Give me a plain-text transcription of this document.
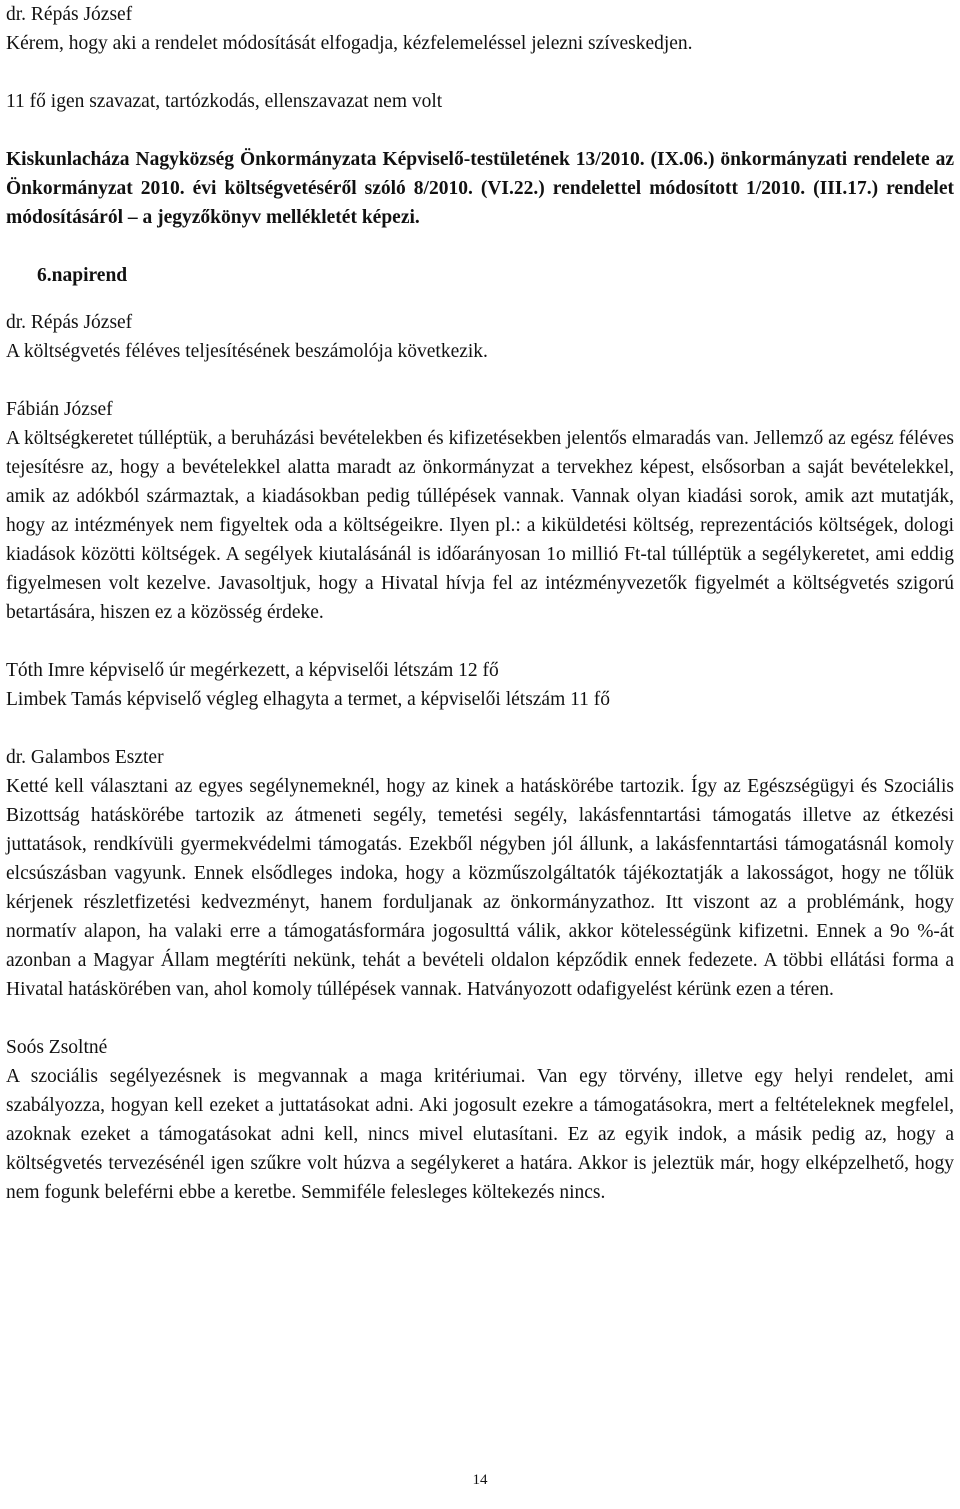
dr. Répás József

Kérem, hogy aki a rendelet módosítását elfogadja, kézfelemeléssel jelezni szíveskedjen.

11 fő igen szavazat, tartózkodás, ellenszavazat nem volt

Kiskunlacháza Nagyközség Önkormányzata Képviselő-testületének 13/2010. (IX.06.) önkormányzati rendelete az Önkormányzat 2010. évi költségvetéséről szóló 8/2010. (VI.22.) rendelettel módosított 1/2010. (III.17.) rendelet módosításáról – a jegyzőkönyv mellékletét képezi.

6.napirend
dr. Répás József

A költségvetés féléves teljesítésének beszámolója következik.

Fábián József

A költségkeretet túlléptük, a beruházási bevételekben és kifizetésekben jelentős elmaradás van. Jellemző az egész féléves tejesítésre az, hogy a bevételekkel alatta maradt az önkormányzat a tervekhez képest, elsősorban a saját bevételekkel, amik az adókból származtak, a kiadásokban pedig túllépések vannak. Vannak olyan kiadási sorok, amik azt mutatják, hogy az intézmények nem figyeltek oda a költségeikre. Ilyen pl.: a kiküldetési költség, reprezentációs költségek, dologi kiadások közötti költségek. A segélyek kiutalásánál is időarányosan 1o millió Ft-tal túlléptük a segélykeretet, ami eddig figyelmesen volt kezelve. Javasoltjuk, hogy a Hivatal hívja fel az intézményvezetők figyelmét a költségvetés szigorú betartására, hiszen ez a közösség érdeke.

Tóth Imre képviselő úr megérkezett, a képviselői létszám 12 fő

Limbek Tamás képviselő végleg elhagyta a termet, a képviselői létszám 11 fő

dr. Galambos Eszter

Ketté kell választani az egyes segélynemeknél, hogy az kinek a hatáskörébe tartozik. Így az Egészségügyi és Szociális Bizottság hatáskörébe tartozik az átmeneti segély, temetési segély, lakásfenntartási támogatás illetve az étkezési juttatások, rendkívüli gyermekvédelmi támogatás. Ezekből négyben jól állunk, a lakásfenntartási támogatásnál komoly elcsúszásban vagyunk. Ennek elsődleges indoka, hogy a közműszolgáltatók tájékoztatják a lakosságot, hogy ne tőlük kérjenek részletfizetési kedvezményt, hanem forduljanak az önkormányzathoz. Itt viszont az a problémánk, hogy normatív alapon, ha valaki erre a támogatásformára jogosulttá válik, akkor kötelességünk kifizetni. Ennek a 9o %-át azonban a Magyar Állam megtéríti nekünk, tehát a bevételi oldalon képződik ennek fedezete. A többi ellátási forma a Hivatal hatáskörében van, ahol komoly túllépések vannak. Hatványozott odafigyelést kérünk ezen a téren.

Soós Zsoltné

A szociális segélyezésnek is megvannak a maga kritériumai. Van egy törvény, illetve egy helyi rendelet, ami szabályozza, hogyan kell ezeket a juttatásokat adni. Aki jogosult ezekre a támogatásokra, mert a feltételeknek megfelel, azoknak ezeket a támogatásokat adni kell, nincs mivel elutasítani. Ez az egyik indok, a másik pedig az, hogy a költségvetés tervezésénél igen szűkre volt húzva a segélykeret a határa. Akkor is jeleztük már, hogy elképzelhető, hogy nem fogunk beleférni ebbe a keretbe. Semmiféle felesleges költekezés nincs.

14
